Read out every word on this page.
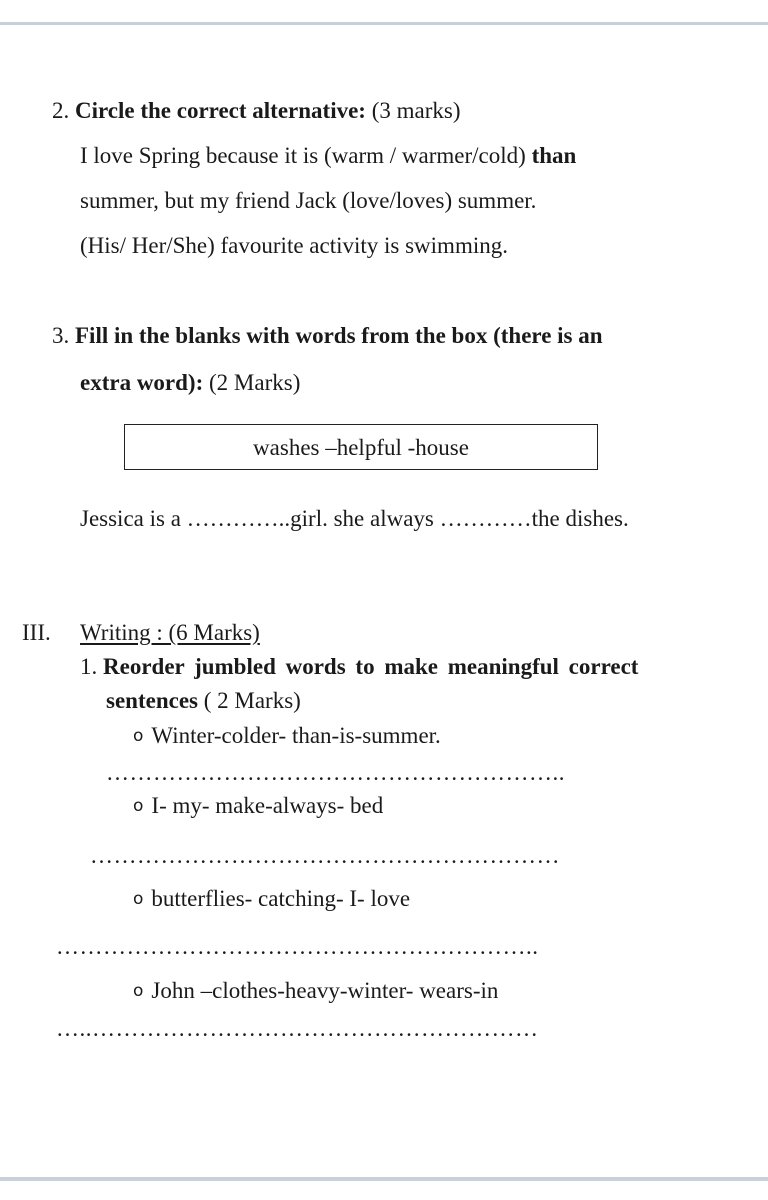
2. Circle the correct alternative: (3 marks)
I love Spring because it is (warm / warmer/cold) than
summer, but my friend Jack (love/loves) summer.
(His/ Her/She) favourite activity is swimming.
3. Fill in the blanks with words from the box (there is an
extra word): (2 Marks)
washes –helpful -house
Jessica is a …………..girl. she always …………the dishes.
III. Writing : (6 Marks)
1. Reorder jumbled words to make meaningful correct
sentences ( 2 Marks)
o Winter-colder- than-is-summer.
…………………………………………………..
o I- my- make-always- bed
……………………………………………………
o butterflies- catching- I- love
……………………………………………………..
o John –clothes-heavy-winter- wears-in
…..…………………………………………………
